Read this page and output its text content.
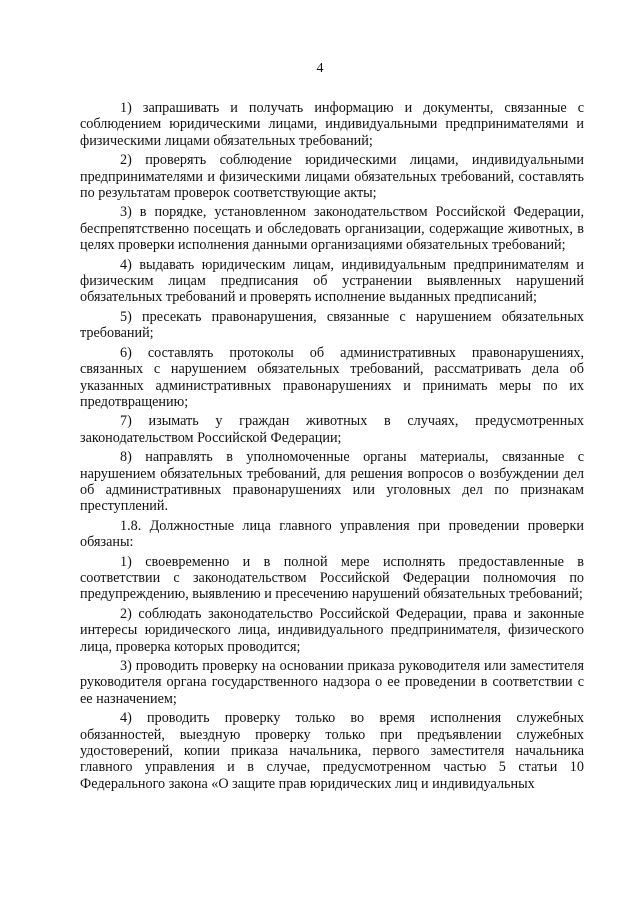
4

1) запрашивать и получать информацию и документы, связанные с соблюдением юридическими лицами, индивидуальными предпринимателями и физическими лицами обязательных требований;

2) проверять соблюдение юридическими лицами, индивидуальными предпринимателями и физическими лицами обязательных требований, составлять по результатам проверок соответствующие акты;

3) в порядке, установленном законодательством Российской Федерации, беспрепятственно посещать и обследовать организации, содержащие животных, в целях проверки исполнения данными организациями обязательных требований;

4) выдавать юридическим лицам, индивидуальным предпринимателям и физическим лицам предписания об устранении выявленных нарушений обязательных требований и проверять исполнение выданных предписаний;

5) пресекать правонарушения, связанные с нарушением обязательных требований;

6) составлять протоколы об административных правонарушениях, связанных с нарушением обязательных требований, рассматривать дела об указанных административных правонарушениях и принимать меры по их предотвращению;

7) изымать у граждан животных в случаях, предусмотренных законодательством Российской Федерации;

8) направлять в уполномоченные органы материалы, связанные с нарушением обязательных требований, для решения вопросов о возбуждении дел об административных правонарушениях или уголовных дел по признакам преступлений.

1.8. Должностные лица главного управления при проведении проверки обязаны:

1) своевременно и в полной мере исполнять предоставленные в соответствии с законодательством Российской Федерации полномочия по предупреждению, выявлению и пресечению нарушений обязательных требований;

2) соблюдать законодательство Российской Федерации, права и законные интересы юридического лица, индивидуального предпринимателя, физического лица, проверка которых проводится;

3) проводить проверку на основании приказа руководителя или заместителя руководителя органа государственного надзора о ее проведении в соответствии с ее назначением;

4) проводить проверку только во время исполнения служебных обязанностей, выездную проверку только при предъявлении служебных удостоверений, копии приказа начальника, первого заместителя начальника главного управления и в случае, предусмотренном частью 5 статьи 10 Федерального закона «О защите прав юридических лиц и индивидуальных
